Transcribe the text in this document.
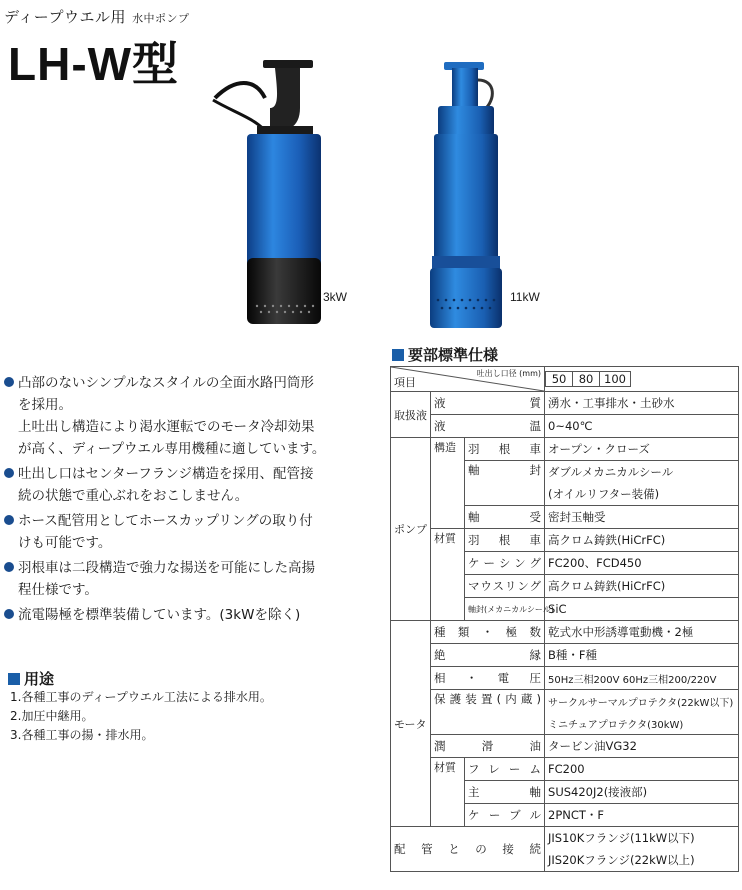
ディープウエル用 水中ポンプ
LH-W型
3kW	11kW

凸部のないシンプルなスタイルの全面水路円筒形

を採用。

上吐出し構造により渇水運転でのモータ冷却効果

が高く、ディープウエル専用機種に適しています。

吐出し口はセンターフランジ構造を採用、配管接

続の状態で重心ぶれをおこしません。

ホース配管用としてホースカップリングの取り付

けも可能です。

羽根車は二段構造で強力な揚送を可能にした高揚

程仕様です。

流電陽極を標準装備しています。(3kWを除く)

用途
1.各種工事のディープウエル工法による排水用。
2.加圧中継用。
3.各種工事の揚・排水用。
要部標準仕様
吐出し口径 (mm)
項目			50 80 100
取扱液	液質		湧水・工事排水・土砂水
	液温		0~40℃
ポンプ	構造	羽根車	オープン・クローズ
		軸封	ダブルメカニカルシール
			(オイルリフター装備)
		軸受	密封玉軸受
	材質	羽根車	高クロム鋳鉄(HiCrFC)
		ケーシング	FC200、FCD450
		マウスリング	高クロム鋳鉄(HiCrFC)
		軸封(メカニカルシール)	SiC
モータ	種類・極数		乾式水中形誘導電動機・2極
	絶縁		B種・F種
	相・電圧		50Hz三相200V 60Hz三相200/220V
	保護装置(内蔵)		サークルサーマルプロテクタ(22kW以下)
			ミニチュアプロテクタ(30kW)
	潤滑油		タービン油VG32
	材質	フレーム	FC200
		主軸	SUS420J2(接液部)
		ケーブル	2PNCT・F
配管との接続			JIS10Kフランジ(11kW以下)
			JIS20Kフランジ(22kW以上)
